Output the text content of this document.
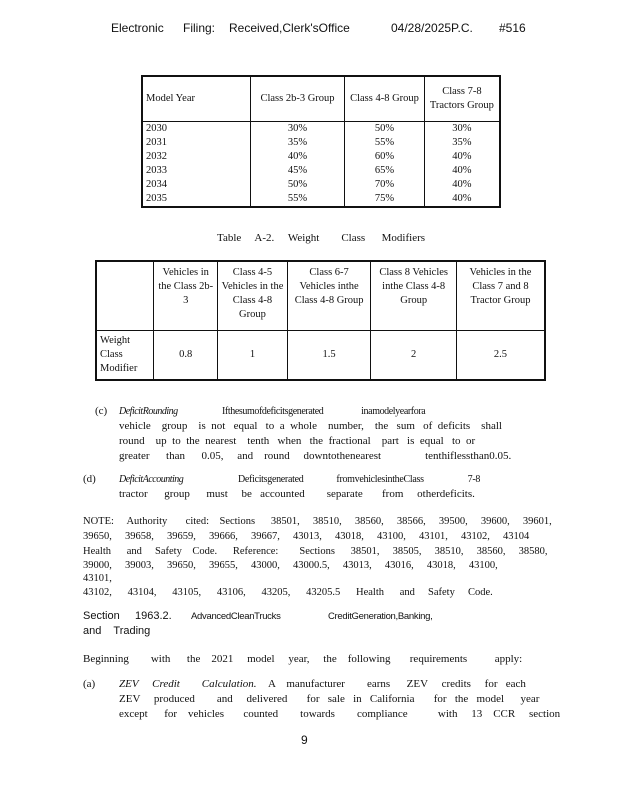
Electronic Filing: Received,Clerk'sOffice	04/28/2025P.C. #516
Model Year	Class 2b-3 Group	Class 4-8 Group	Class 7-8 Tractors Group
2030	30%	50%	30%
2031	35%	55%	35%
2032	40%	60%	40%
2033	45%	65%	40%
2034	50%	70%	40%
2035	55%	75%	40%
Table     A-2.     Weight        Class      Modifiers
	Vehicles in the Class 2b-3	Class 4-5 Vehicles in the Class 4-8 Group	Class 6-7 Vehicles inthe Class 4-8 Group	Class 8 Vehicles inthe Class 4-8 Group	Vehicles in the Class 7 and 8 Tractor Group
Weight Class Modifier	0.8	1	1.5	2	2.5
(c) DeficitRounding	Ifthesumofdeficitsgenerated                  inamodelyearfora
vehicle    group    is  not   equal   to  a  whole    number,    the   sum   of  deficits    shall
round    up  to  the  nearest    tenth   when   the  fractional    part   is  equal   to  or
greater      than      0.05,     and    round     downtothenearest                tenthiflessthan0.05.
(d) DeficitAccounting	Deficitsgenerated               fromvehiclesintheClass                    7-8
tractor      group      must     be   accounted        separate       from     otherdeficits.
NOTE:     Authority       cited:    Sections      38501,     38510,     38560,     38566,     39500,     39600,     39601,
39650,     39658,     39659,     39666,     39667,     43013,     43018,     43100,     43101,     43102,     43104
Health      and     Safety    Code.      Reference:        Sections      38501,     38505,     38510,     38560,     38580,
39000,     39003,     39650,     39655,     43000,     43000.5,     43013,     43016,     43018,     43100,
43101,
43102,      43104,      43105,      43106,      43205,      43205.5      Health      and     Safety     Code.
Section     1963.2. AdvancedCleanTrucks	CreditGeneration,Banking,
and    Trading
Beginning        with      the    2021     model     year,     the    following       requirements          apply:
(a) ZEV     Credit        Calculation.	A    manufacturer        earns      ZEV     credits     for   each
ZEV     produced        and     delivered       for   sale   in   California       for   the   model      year
except      for    vehicles       counted        towards        compliance           with     13    CCR     section
9
